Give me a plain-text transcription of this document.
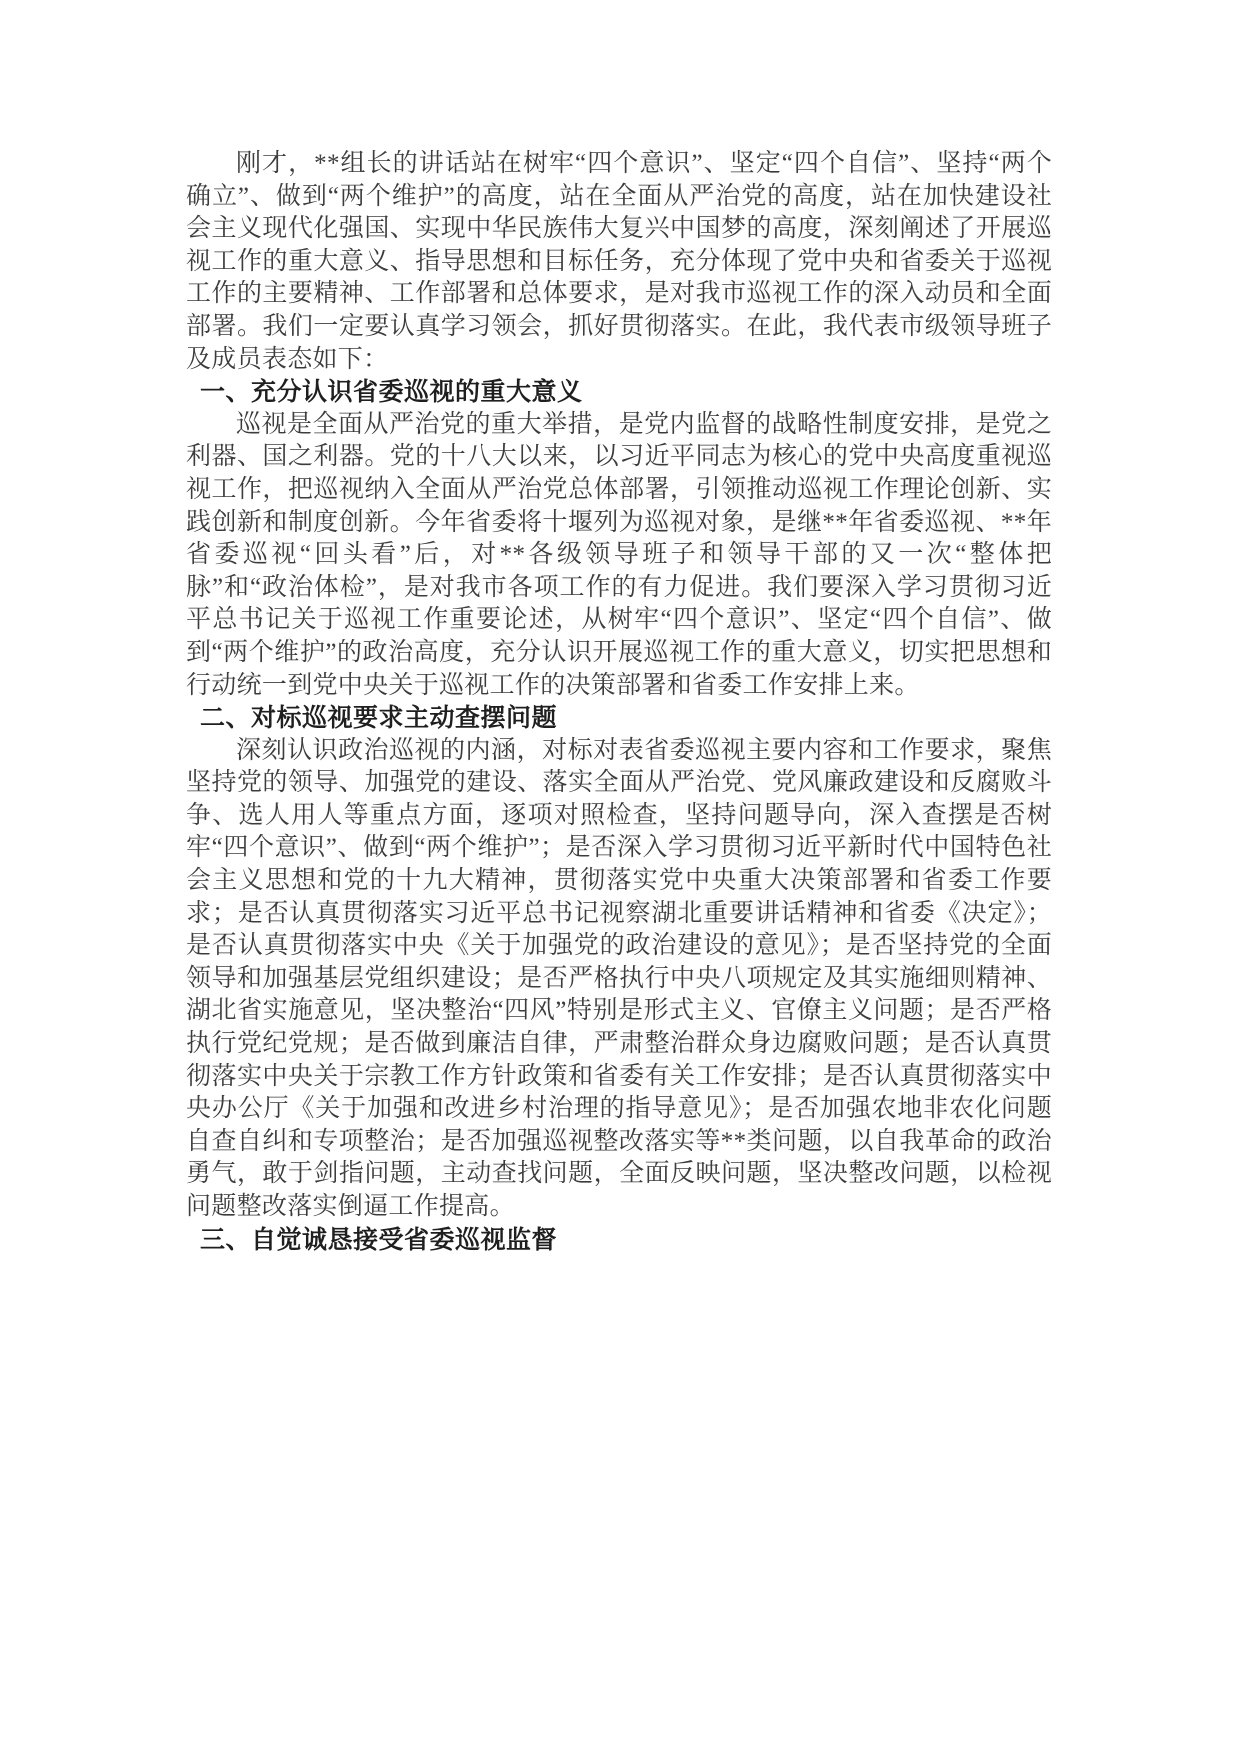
刚才，**组长的讲话站在树牢“四个意识”、坚定“四个自信”、坚持“两个确立”、做到“两个维护”的高度，站在全面从严治党的高度，站在加快建设社会主义现代化强国、实现中华民族伟大复兴中国梦的高度，深刻阐述了开展巡视工作的重大意义、指导思想和目标任务，充分体现了党中央和省委关于巡视工作的主要精神、工作部署和总体要求，是对我市巡视工作的深入动员和全面部署。我们一定要认真学习领会，抓好贯彻落实。在此，我代表市级领导班子及成员表态如下：

一、充分认识省委巡视的重大意义

巡视是全面从严治党的重大举措，是党内监督的战略性制度安排，是党之利器、国之利器。党的十八大以来，以习近平同志为核心的党中央高度重视巡视工作，把巡视纳入全面从严治党总体部署，引领推动巡视工作理论创新、实践创新和制度创新。今年省委将十堰列为巡视对象，是继**年省委巡视、**年省委巡视“回头看”后，对**各级领导班子和领导干部的又一次“整体把脉”和“政治体检”，是对我市各项工作的有力促进。我们要深入学习贯彻习近平总书记关于巡视工作重要论述，从树牢“四个意识”、坚定“四个自信”、做到“两个维护”的政治高度，充分认识开展巡视工作的重大意义，切实把思想和行动统一到党中央关于巡视工作的决策部署和省委工作安排上来。

二、对标巡视要求主动查摆问题

深刻认识政治巡视的内涵，对标对表省委巡视主要内容和工作要求，聚焦坚持党的领导、加强党的建设、落实全面从严治党、党风廉政建设和反腐败斗争、选人用人等重点方面，逐项对照检查，坚持问题导向，深入查摆是否树牢“四个意识”、做到“两个维护”；是否深入学习贯彻习近平新时代中国特色社会主义思想和党的十九大精神，贯彻落实党中央重大决策部署和省委工作要求；是否认真贯彻落实习近平总书记视察湖北重要讲话精神和省委《决定》；是否认真贯彻落实中央《关于加强党的政治建设的意见》；是否坚持党的全面领导和加强基层党组织建设；是否严格执行中央八项规定及其实施细则精神、湖北省实施意见，坚决整治“四风”特别是形式主义、官僚主义问题；是否严格执行党纪党规；是否做到廉洁自律，严肃整治群众身边腐败问题；是否认真贯彻落实中央关于宗教工作方针政策和省委有关工作安排；是否认真贯彻落实中央办公厅《关于加强和改进乡村治理的指导意见》；是否加强农地非农化问题自查自纠和专项整治；是否加强巡视整改落实等**类问题，以自我革命的政治勇气，敢于剑指问题，主动查找问题，全面反映问题，坚决整改问题，以检视问题整改落实倒逼工作提高。

三、自觉诚恳接受省委巡视监督
